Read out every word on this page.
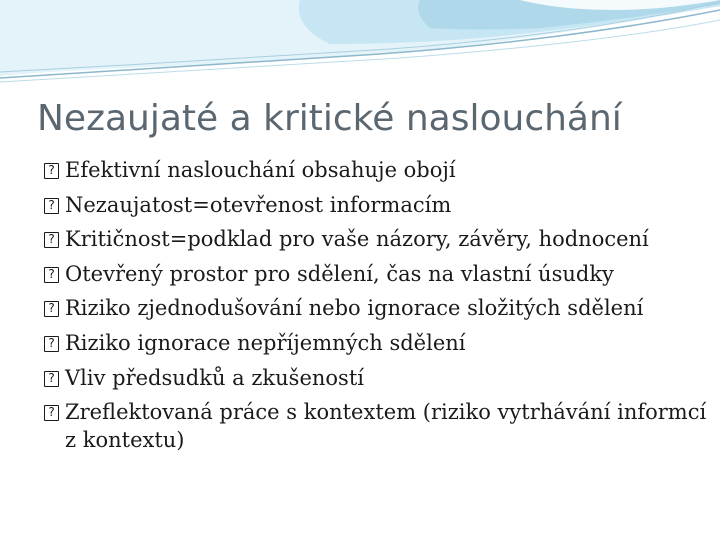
Nezaujaté a kritické naslouchání
? Efektivní naslouchání obsahuje obojí
? Nezaujatost=otevřenost informacím
? Kritičnost=podklad pro vaše názory, závěry, hodnocení
? Otevřený prostor pro sdělení, čas na vlastní úsudky
? Riziko zjednodušování nebo ignorace složitých sdělení
? Riziko ignorace nepříjemných sdělení
? Vliv předsudků a zkušeností
? Zreflektovaná práce s kontextem (riziko vytrhávání informcí z kontextu)
